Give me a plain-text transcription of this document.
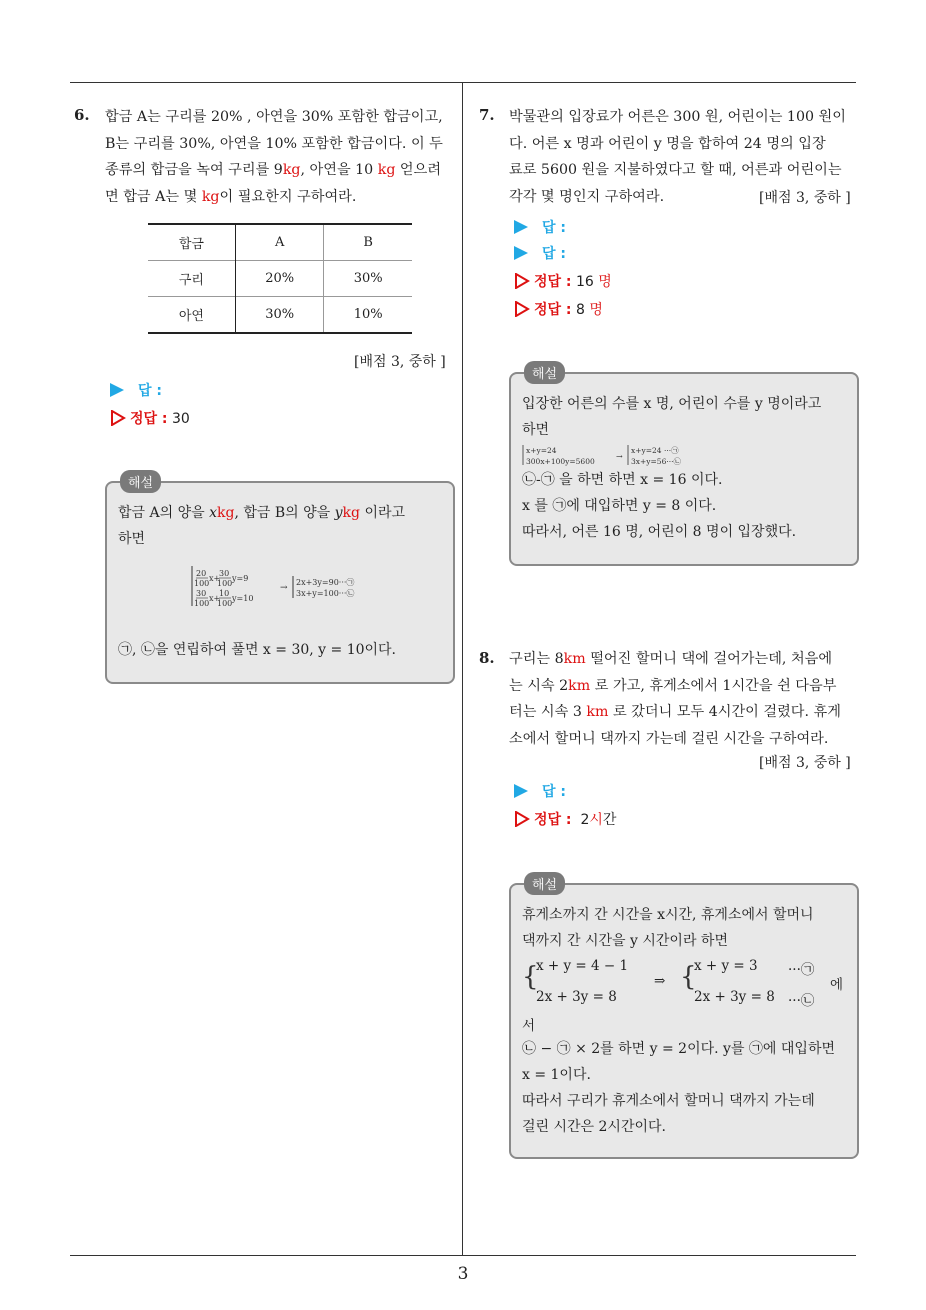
6. 합금 A는 구리를 20% , 아연을 30% 포함한 합금이고,
B는 구리를 30%, 아연을 10% 포함한 합금이다. 이 두
종류의 합금을 녹여 구리를 9kg, 아연을 10 kg 얻으려
면 합금 A는 몇 kg이 필요한지 구하여라.
합금	A	B
구리	20%	30%
아연	30%	10%
[배점 3, 중하 ]
답 :
정답 : 30
해설
합금 A의 양을 xkg, 합금 B의 양을 ykg 이라고
하면
20
100
x+
30
100
y=9
30
100
x+
10
100
y=10
→
2x+3y=90···㉠
3x+y=100···㉡
㉠, ㉡을 연립하여 풀면 x = 30, y = 10이다.
7. 박물관의 입장료가 어른은 300 원, 어린이는 100 원이
다. 어른 x 명과 어린이 y 명을 합하여 24 명의 입장
료로 5600 원을 지불하였다고 할 때, 어른과 어린이는
각각 몇 명인지 구하여라.	[배점 3, 중하 ]
답 :
답 :
정답 : 16 명
정답 : 8 명
해설
입장한 어른의 수를 x 명, 어린이 수를 y 명이라고
하면
x+y=24
300x+100y=5600
→
x+y=24 ···㉠
3x+y=56···㉡
㉡-㉠ 을 하면 하면 x = 16 이다.
x 를 ㉠에 대입하면 y = 8 이다.
따라서, 어른 16 명, 어린이 8 명이 입장했다.
8. 구리는 8km 떨어진 할머니 댁에 걸어가는데, 처음에
는 시속 2km 로 가고, 휴게소에서 1시간을 쉰 다음부
터는 시속 3 km 로 갔더니 모두 4시간이 걸렸다. 휴게
소에서 할머니 댁까지 가는데 걸린 시간을 구하여라.
[배점 3, 중하 ]
답 :
정답 : 2시간
해설
휴게소까지 간 시간을 x시간, 휴게소에서 할머니
댁까지 간 시간을 y 시간이라 하면
{
x + y = 4 − 1
2x + 3y = 8
⇒ {
x + y = 3
2x + 3y = 8
···㉠
···㉡
에
서
㉡ − ㉠ × 2를 하면 y = 2이다. y를 ㉠에 대입하면
x = 1이다.
따라서 구리가 휴게소에서 할머니 댁까지 가는데
걸린 시간은 2시간이다.
3
